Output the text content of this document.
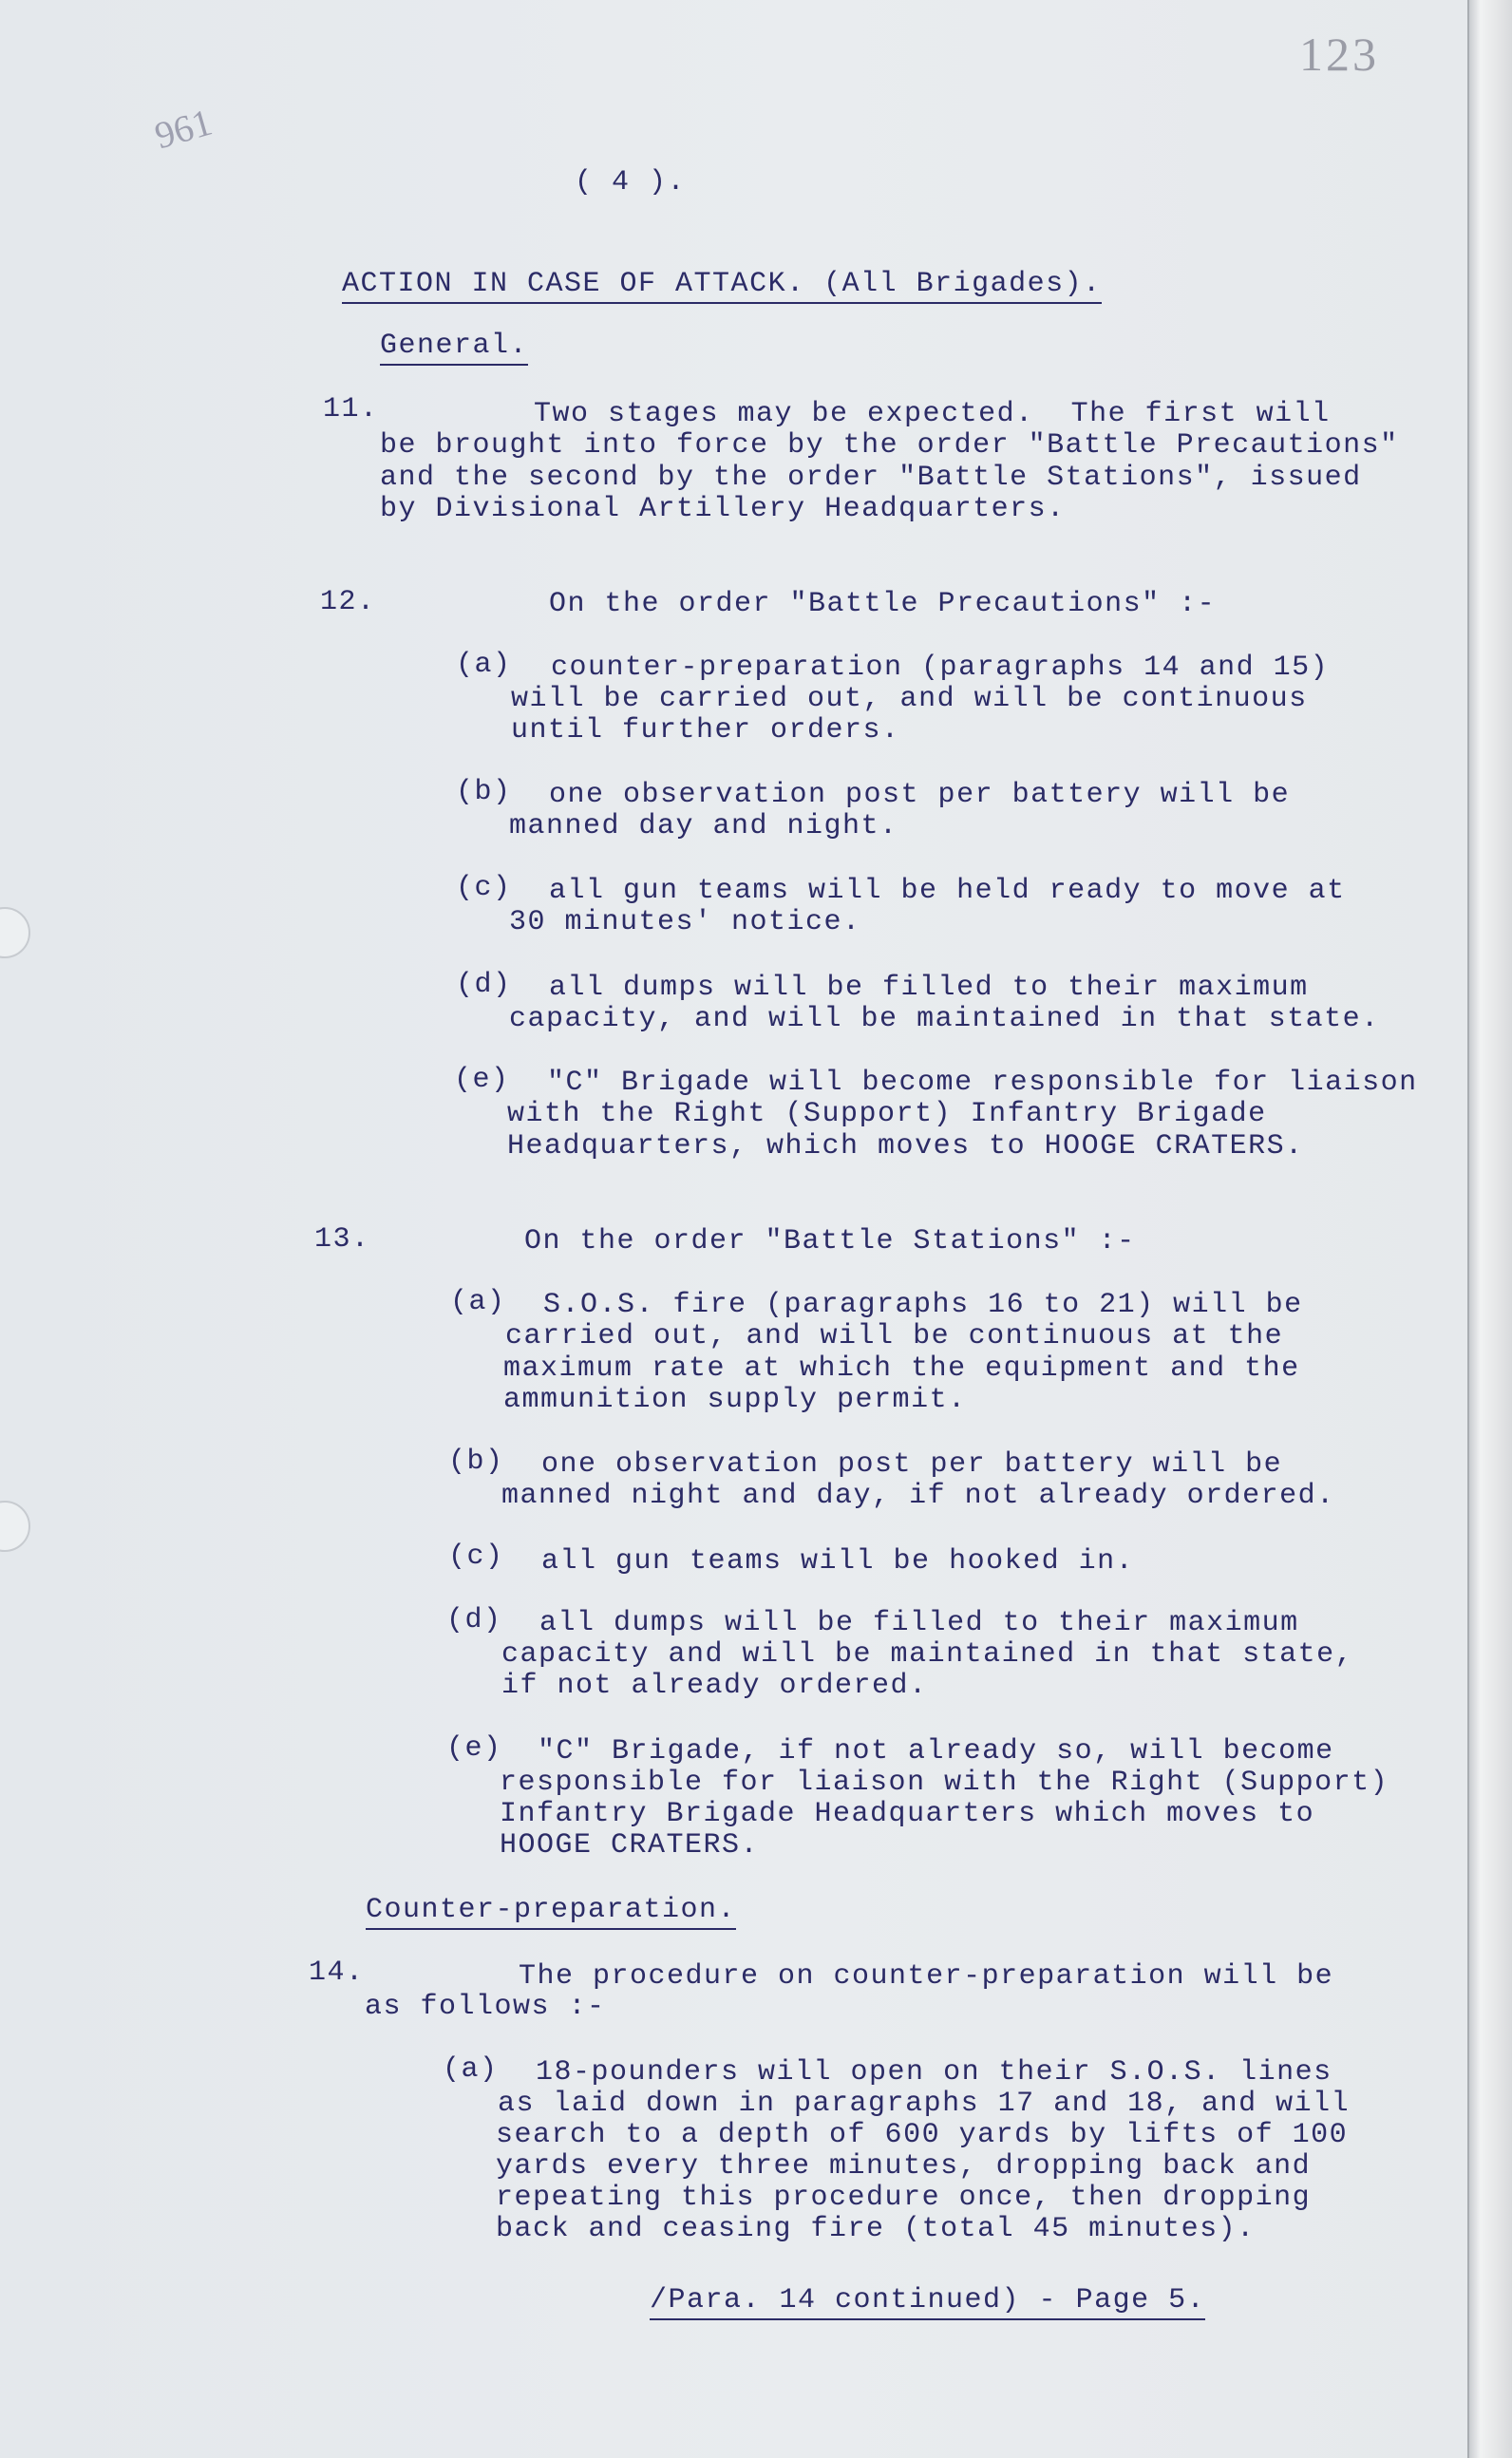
123
961
( 4 ).
ACTION IN CASE OF ATTACK. (All Brigades).
General.
11.	Two stages may be expected.  The first will
be brought into force by the order "Battle Precautions"
and the second by the order "Battle Stations", issued
by Divisional Artillery Headquarters.
12.	On the order "Battle Precautions" :-
(a) counter-preparation (paragraphs 14 and 15)
will be carried out, and will be continuous
until further orders.
(b) one observation post per battery will be
manned day and night.
(c) all gun teams will be held ready to move at
30 minutes' notice.
(d) all dumps will be filled to their maximum
capacity, and will be maintained in that state.
(e) "C" Brigade will become responsible for liaison
with the Right (Support) Infantry Brigade
Headquarters, which moves to HOOGE CRATERS.
13.	On the order "Battle Stations" :-
(a) S.O.S. fire (paragraphs 16 to 21) will be
carried out, and will be continuous at the
maximum rate at which the equipment and the
ammunition supply permit.
(b) one observation post per battery will be
manned night and day, if not already ordered.
(c) all gun teams will be hooked in.
(d) all dumps will be filled to their maximum
capacity and will be maintained in that state,
if not already ordered.
(e) "C" Brigade, if not already so, will become
responsible for liaison with the Right (Support)
Infantry Brigade Headquarters which moves to
HOOGE CRATERS.
Counter-preparation.
14.	The procedure on counter-preparation will be
as follows :-
(a) 18-pounders will open on their S.O.S. lines
as laid down in paragraphs 17 and 18, and will
search to a depth of 600 yards by lifts of 100
yards every three minutes, dropping back and
repeating this procedure once, then dropping
back and ceasing fire (total 45 minutes).
/Para. 14 continued) - Page 5.
